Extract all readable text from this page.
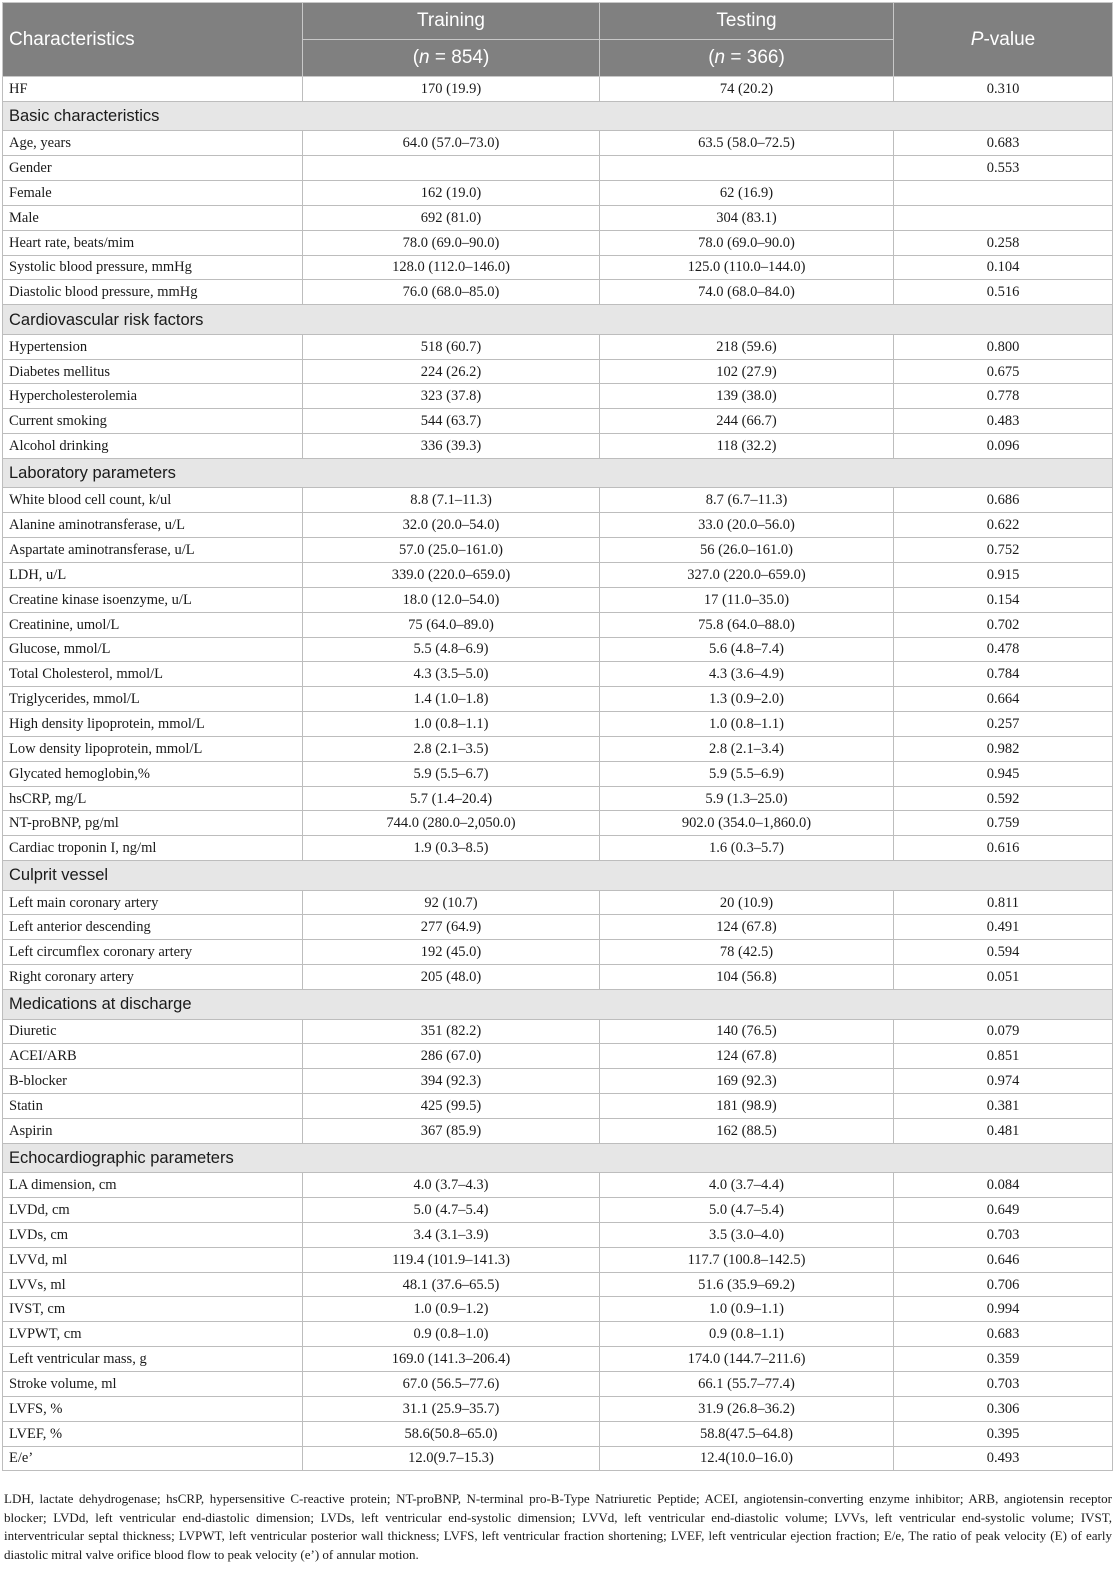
Characteristics	Training	Testing	P-value
	(n = 854)	(n = 366)	
HF	170 (19.9)	74 (20.2)	0.310
Basic characteristics			
Age, years	64.0 (57.0–73.0)	63.5 (58.0–72.5)	0.683
Gender			0.553
Female	162 (19.0)	62 (16.9)	
Male	692 (81.0)	304 (83.1)	
Heart rate, beats/mim	78.0 (69.0–90.0)	78.0 (69.0–90.0)	0.258
Systolic blood pressure, mmHg	128.0 (112.0–146.0)	125.0 (110.0–144.0)	0.104
Diastolic blood pressure, mmHg	76.0 (68.0–85.0)	74.0 (68.0–84.0)	0.516
Cardiovascular risk factors			
Hypertension	518 (60.7)	218 (59.6)	0.800
Diabetes mellitus	224 (26.2)	102 (27.9)	0.675
Hypercholesterolemia	323 (37.8)	139 (38.0)	0.778
Current smoking	544 (63.7)	244 (66.7)	0.483
Alcohol drinking	336 (39.3)	118 (32.2)	0.096
Laboratory parameters			
White blood cell count, k/ul	8.8 (7.1–11.3)	8.7 (6.7–11.3)	0.686
Alanine aminotransferase, u/L	32.0 (20.0–54.0)	33.0 (20.0–56.0)	0.622
Aspartate aminotransferase, u/L	57.0 (25.0–161.0)	56 (26.0–161.0)	0.752
LDH, u/L	339.0 (220.0–659.0)	327.0 (220.0–659.0)	0.915
Creatine kinase isoenzyme, u/L	18.0 (12.0–54.0)	17 (11.0–35.0)	0.154
Creatinine, umol/L	75 (64.0–89.0)	75.8 (64.0–88.0)	0.702
Glucose, mmol/L	5.5 (4.8–6.9)	5.6 (4.8–7.4)	0.478
Total Cholesterol, mmol/L	4.3 (3.5–5.0)	4.3 (3.6–4.9)	0.784
Triglycerides, mmol/L	1.4 (1.0–1.8)	1.3 (0.9–2.0)	0.664
High density lipoprotein, mmol/L	1.0 (0.8–1.1)	1.0 (0.8–1.1)	0.257
Low density lipoprotein, mmol/L	2.8 (2.1–3.5)	2.8 (2.1–3.4)	0.982
Glycated hemoglobin,%	5.9 (5.5–6.7)	5.9 (5.5–6.9)	0.945
hsCRP, mg/L	5.7 (1.4–20.4)	5.9 (1.3–25.0)	0.592
NT-proBNP, pg/ml	744.0 (280.0–2,050.0)	902.0 (354.0–1,860.0)	0.759
Cardiac troponin I, ng/ml	1.9 (0.3–8.5)	1.6 (0.3–5.7)	0.616
Culprit vessel			
Left main coronary artery	92 (10.7)	20 (10.9)	0.811
Left anterior descending	277 (64.9)	124 (67.8)	0.491
Left circumflex coronary artery	192 (45.0)	78 (42.5)	0.594
Right coronary artery	205 (48.0)	104 (56.8)	0.051
Medications at discharge			
Diuretic	351 (82.2)	140 (76.5)	0.079
ACEI/ARB	286 (67.0)	124 (67.8)	0.851
B-blocker	394 (92.3)	169 (92.3)	0.974
Statin	425 (99.5)	181 (98.9)	0.381
Aspirin	367 (85.9)	162 (88.5)	0.481
Echocardiographic parameters			
LA dimension, cm	4.0 (3.7–4.3)	4.0 (3.7–4.4)	0.084
LVDd, cm	5.0 (4.7–5.4)	5.0 (4.7–5.4)	0.649
LVDs, cm	3.4 (3.1–3.9)	3.5 (3.0–4.0)	0.703
LVVd, ml	119.4 (101.9–141.3)	117.7 (100.8–142.5)	0.646
LVVs, ml	48.1 (37.6–65.5)	51.6 (35.9–69.2)	0.706
IVST, cm	1.0 (0.9–1.2)	1.0 (0.9–1.1)	0.994
LVPWT, cm	0.9 (0.8–1.0)	0.9 (0.8–1.1)	0.683
Left ventricular mass, g	169.0 (141.3–206.4)	174.0 (144.7–211.6)	0.359
Stroke volume, ml	67.0 (56.5–77.6)	66.1 (55.7–77.4)	0.703
LVFS, %	31.1 (25.9–35.7)	31.9 (26.8–36.2)	0.306
LVEF, %	58.6(50.8–65.0)	58.8(47.5–64.8)	0.395
E/e’	12.0(9.7–15.3)	12.4(10.0–16.0)	0.493
LDH, lactate dehydrogenase; hsCRP, hypersensitive C-reactive protein; NT-proBNP, N-terminal pro-B-Type Natriuretic Peptide; ACEI, angiotensin-converting enzyme inhibitor; ARB, angiotensin receptor blocker; LVDd, left ventricular end-diastolic dimension; LVDs, left ventricular end-systolic dimension; LVVd, left ventricular end-diastolic volume; LVVs, left ventricular end-systolic volume; IVST, interventricular septal thickness; LVPWT, left ventricular posterior wall thickness; LVFS, left ventricular fraction shortening; LVEF, left ventricular ejection fraction; E/e, The ratio of peak velocity (E) of early diastolic mitral valve orifice blood flow to peak velocity (e’) of annular motion.
